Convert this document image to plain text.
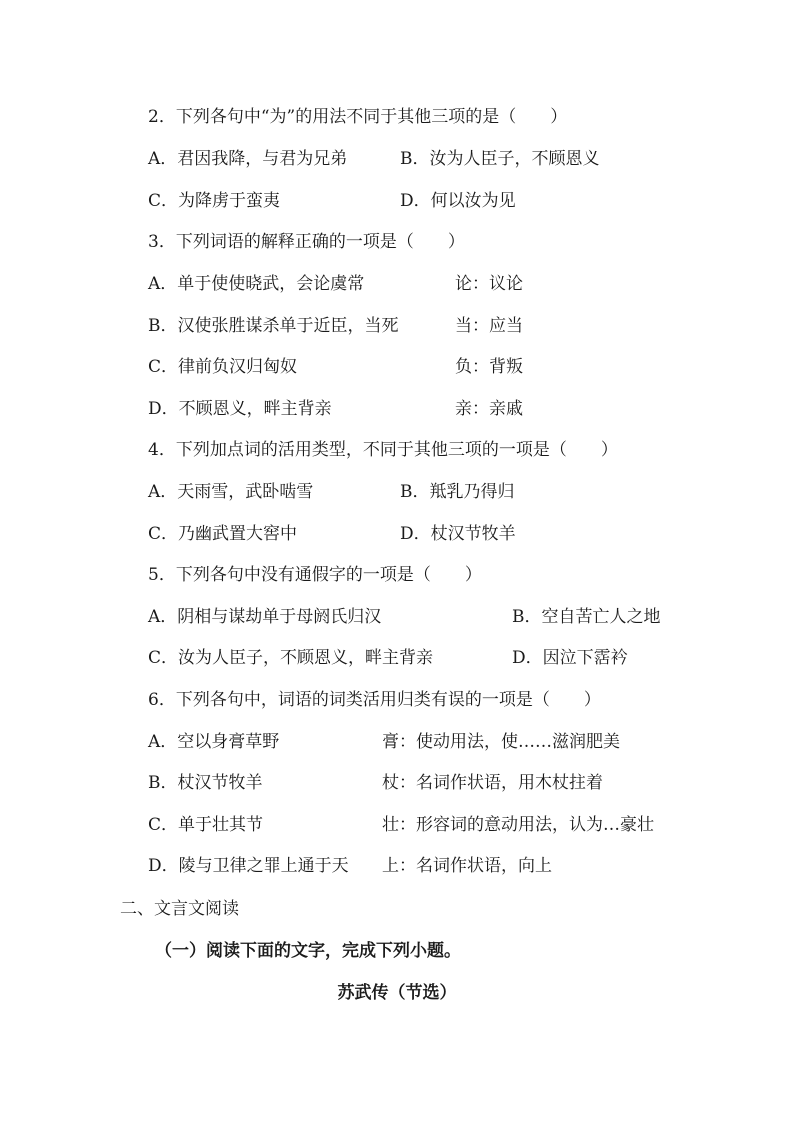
2．下列各句中“为”的用法不同于其他三项的是（　　）
A．君因我降，与君为兄弟	B．汝为人臣子，不顾恩义
C．为降虏于蛮夷	D．何以汝为见
3．下列词语的解释正确的一项是（　　）
A．单于使使晓武，会论虞常	论：议论
B．汉使张胜谋杀单于近臣，当死	当：应当
C．律前负汉归匈奴	负：背叛
D．不顾恩义，畔主背亲	亲：亲戚
4．下列加点词的活用类型，不同于其他三项的一项是（　　）
A．天雨雪，武卧啮雪	B．羝乳乃得归
C．乃幽武置大窖中	D．杖汉节牧羊
5．下列各句中没有通假字的一项是（　　）
A．阴相与谋劫单于母阏氏归汉	B．空自苦亡人之地
C．汝为人臣子，不顾恩义，畔主背亲	D．因泣下霑衿
6．下列各句中，词语的词类活用归类有误的一项是（　　）
A．空以身膏草野	膏：使动用法，使……滋润肥美
B．杖汉节牧羊	杖：名词作状语，用木杖拄着
C．单于壮其节	壮：形容词的意动用法，认为…豪壮
D．陵与卫律之罪上通于天 上：名词作状语，向上
二、文言文阅读
（一）阅读下面的文字，完成下列小题。
苏武传（节选）
